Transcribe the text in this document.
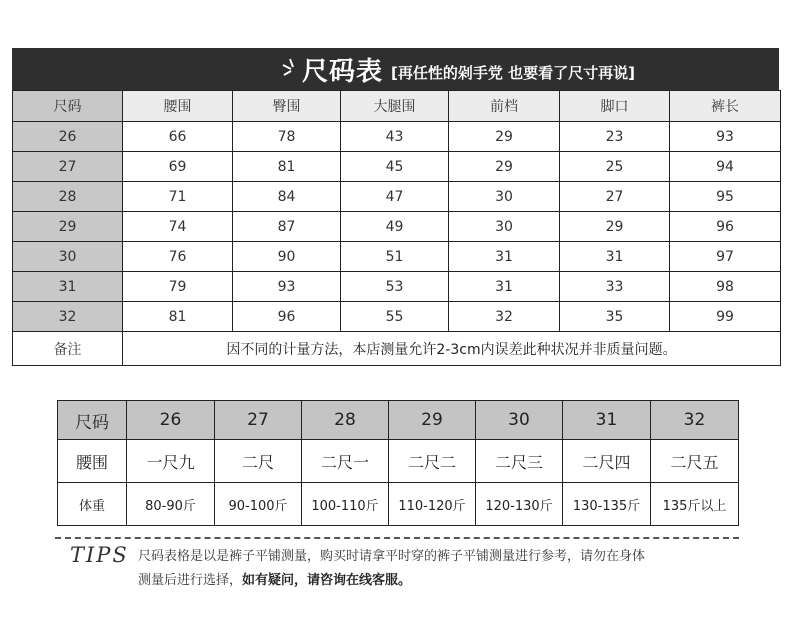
尺码表 [再任性的剁手党 也要看了尺寸再说]
尺码	腰围	臀围	大腿围	前档	脚口	裤长
26	66	78	43	29	23	93
27	69	81	45	29	25	94
28	71	84	47	30	27	95
29	74	87	49	30	29	96
30	76	90	51	31	31	97
31	79	93	53	31	33	98
32	81	96	55	32	35	99
备注	因不同的计量方法，本店测量允许2-3cm内误差此种状况并非质量问题。					
尺码	26	27	28	29	30	31	32
腰围	一尺九	二尺	二尺一	二尺二	二尺三	二尺四	二尺五
体重	80-90斤	90-100斤	100-110斤	110-120斤	120-130斤	130-135斤	135斤以上
TIPS 尺码表格是以是裤子平铺测量，购买时请拿平时穿的裤子平铺测量进行参考，请勿在身体
测量后进行选择，如有疑问，请咨询在线客服。
